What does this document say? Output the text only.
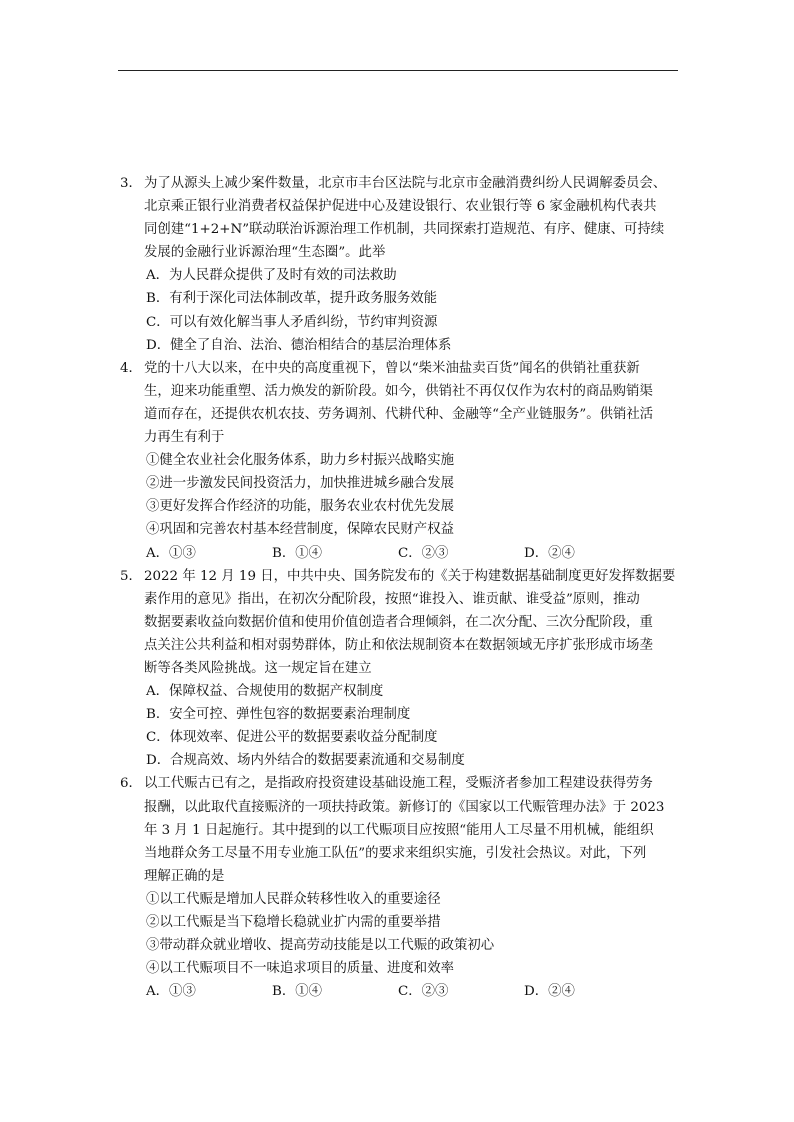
3． 为了从源头上减少案件数量，北京市丰台区法院与北京市金融消费纠纷人民调解委员会、
北京乘正银行业消费者权益保护促进中心及建设银行、农业银行等 6 家金融机构代表共
同创建“1+2+N”联动联治诉源治理工作机制，共同探索打造规范、有序、健康、可持续
发展的金融行业诉源治理“生态圈”。此举
A．为人民群众提供了及时有效的司法救助
B．有利于深化司法体制改革，提升政务服务效能
C．可以有效化解当事人矛盾纠纷，节约审判资源
D．健全了自治、法治、德治相结合的基层治理体系
4． 党的十八大以来，在中央的高度重视下，曾以“柴米油盐卖百货”闻名的供销社重获新
生，迎来功能重塑、活力焕发的新阶段。如今，供销社不再仅仅作为农村的商品购销渠
道而存在，还提供农机农技、劳务调剂、代耕代种、金融等“全产业链服务”。供销社活
力再生有利于
①健全农业社会化服务体系，助力乡村振兴战略实施
②进一步激发民间投资活力，加快推进城乡融合发展
③更好发挥合作经济的功能，服务农业农村优先发展
④巩固和完善农村基本经营制度，保障农民财产权益
A．①③	B．①④	C．②③	D．②④
5． 2022 年 12 月 19 日，中共中央、国务院发布的《关于构建数据基础制度更好发挥数据要
素作用的意见》指出，在初次分配阶段，按照“谁投入、谁贡献、谁受益”原则，推动
数据要素收益向数据价值和使用价值创造者合理倾斜，在二次分配、三次分配阶段，重
点关注公共利益和相对弱势群体，防止和依法规制资本在数据领域无序扩张形成市场垄
断等各类风险挑战。这一规定旨在建立
A．保障权益、合规使用的数据产权制度
B．安全可控、弹性包容的数据要素治理制度
C．体现效率、促进公平的数据要素收益分配制度
D．合规高效、场内外结合的数据要素流通和交易制度
6． 以工代赈古已有之，是指政府投资建设基础设施工程，受赈济者参加工程建设获得劳务
报酬，以此取代直接赈济的一项扶持政策。新修订的《国家以工代赈管理办法》于 2023
年 3 月 1 日起施行。其中提到的以工代赈项目应按照“能用人工尽量不用机械，能组织
当地群众务工尽量不用专业施工队伍”的要求来组织实施，引发社会热议。对此，下列
理解正确的是
①以工代赈是增加人民群众转移性收入的重要途径
②以工代赈是当下稳增长稳就业扩内需的重要举措
③带动群众就业增收、提高劳动技能是以工代赈的政策初心
④以工代赈项目不一味追求项目的质量、进度和效率
A．①③	B．①④	C．②③	D．②④
